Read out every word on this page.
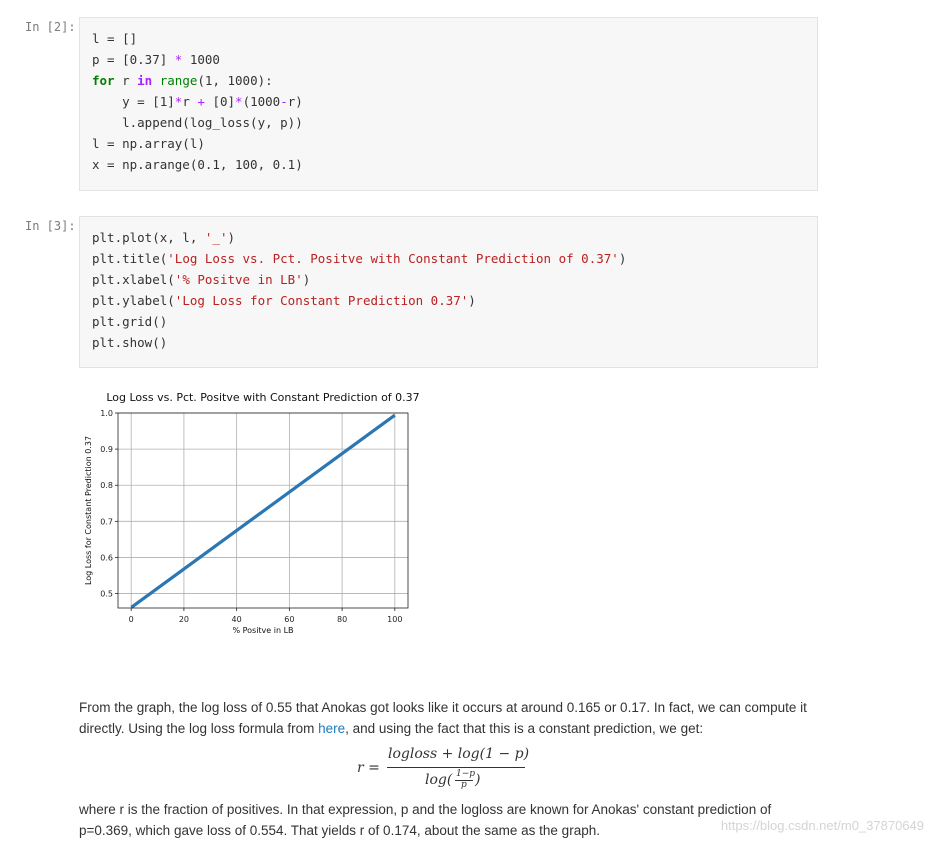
In [2]:
l = []
p = [0.37] * 1000
for r in range(1, 1000):
y = [1]*r + [0]*(1000-r)
l.append(log_loss(y, p))
l = np.array(l)
x = np.arange(0.1, 100, 0.1)
In [3]:
plt.plot(x, l, '_')
plt.title('Log Loss vs. Pct. Positve with Constant Prediction of 0.37')
plt.xlabel('% Positve in LB')
plt.ylabel('Log Loss for Constant Prediction 0.37')
plt.grid()
plt.show()
0	20	40	60	80	100
0.5
0.6
0.7
0.8
0.9
1.0
Log Loss vs. Pct. Positve with Constant Prediction of 0.37
% Positve in LB
Log Loss for Constant Prediction 0.37
From the graph, the log loss of 0.55 that Anokas got looks like it occurs at around 0.165 or 0.17. In fact, we can compute it directly. Using the log loss formula from here, and using the fact that this is a constant prediction, we get:
r =
logloss + log(1 − p)
log( 1−p
p )
where r is the fraction of positives. In that expression, p and the logloss are known for Anokas' constant prediction of p=0.369, which gave loss of 0.554. That yields r of 0.174, about the same as the graph.	https://blog.csdn.net/m0_37870649
